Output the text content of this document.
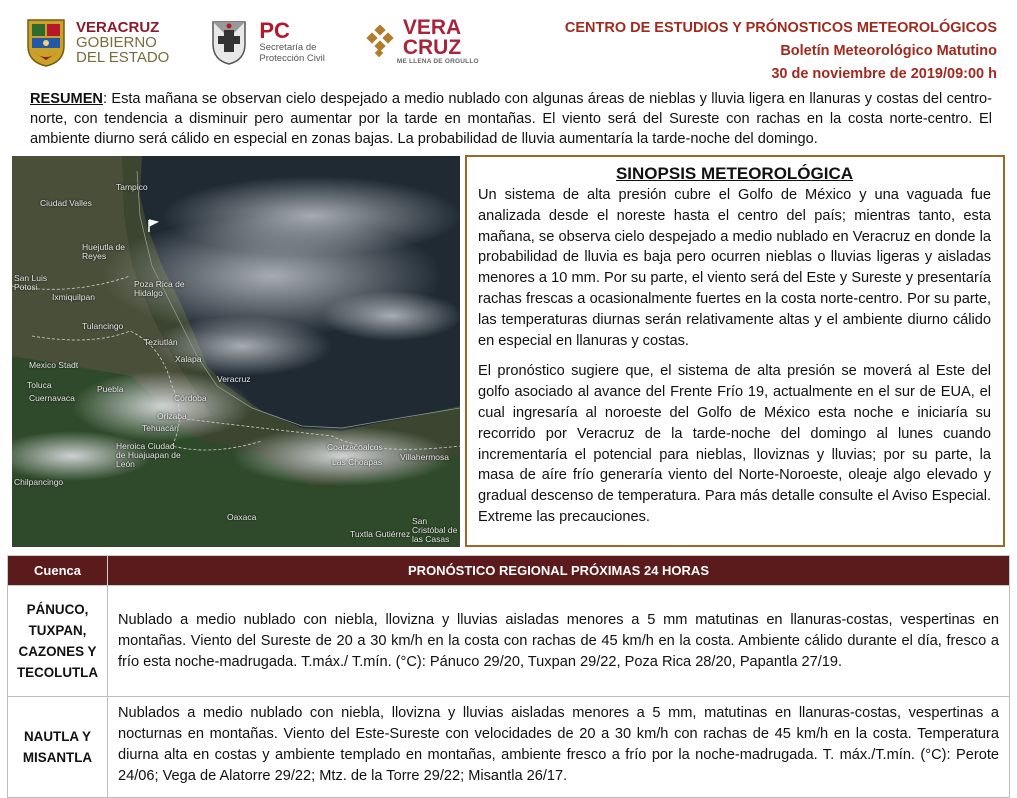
VERACRUZ
GOBIERNO
DEL ESTADO
PC
Secretaría de
Protección Civil
VERA
CRUZ
ME LLENA DE ORGULLO
CENTRO DE ESTUDIOS Y PRÓNOSTICOS METEOROLÓGICOS
Boletín Meteorológico Matutino
30 de noviembre de 2019/09:00 h
RESUMEN: Esta mañana se observan cielo despejado a medio nublado con algunas áreas de nieblas y lluvia ligera en llanuras y costas del centro-norte, con tendencia a disminuir pero aumentar por la tarde en montañas. El viento será del Sureste con rachas en la costa norte-centro. El ambiente diurno será cálido en especial en zonas bajas. La probabilidad de lluvia aumentaría la tarde-noche del domingo.
Tampico
Ciudad Valles
Huejutla de Reyes
Poza Rica de Hidalgo
San Luis Potosi
Ixmiquilpan
Tulancingo
Teziutlán
Xalapa
Mexico Stadt
Toluca
Cuernavaca
Puebla
Veracruz
Córdoba
Orizaba
Tehuacán
Heroica Ciudad de Huajuapan de León
Coatzacoalcos
Las Choapas Villahermosa
Oaxaca
Chilpancingo
San Cristóbal de las Casas
Tuxtla Gutiérrez
SINOPSIS METEOROLÓGICA

Un sistema de alta presión cubre el Golfo de México y una vaguada fue analizada desde el noreste hasta el centro del país; mientras tanto, esta mañana, se observa cielo despejado a medio nublado en Veracruz en donde la probabilidad de lluvia es baja pero ocurren nieblas o lluvias ligeras y aisladas menores a 10 mm. Por su parte, el viento será del Este y Sureste y presentaría rachas frescas a ocasionalmente fuertes en la costa norte-centro. Por su parte, las temperaturas diurnas serán relativamente altas y el ambiente diurno cálido en especial en llanuras y costas.

El pronóstico sugiere que, el sistema de alta presión se moverá al Este del golfo asociado al avance del Frente Frío 19, actualmente en el sur de EUA, el cual ingresaría al noroeste del Golfo de México esta noche e iniciaría su recorrido por Veracruz de la tarde-noche del domingo al lunes cuando incrementaría el potencial para nieblas, lloviznas y lluvias; por su parte, la masa de aíre frío generaría viento del Norte-Noroeste, oleaje algo elevado y gradual descenso de temperatura. Para más detalle consulte el Aviso Especial. Extreme las precauciones.

Cuenca	PRONÓSTICO REGIONAL PRÓXIMAS 24 HORAS
PÁNUCO, TUXPAN, CAZONES Y TECOLUTLA	Nublado a medio nublado con niebla, llovizna y lluvias aisladas menores a 5 mm matutinas en llanuras-costas, vespertinas en montañas. Viento del Sureste de 20 a 30 km/h en la costa con rachas de 45 km/h en la costa. Ambiente cálido durante el día, fresco a frío esta noche-madrugada. T.máx./ T.mín. (°C): Pánuco 29/20, Tuxpan 29/22, Poza Rica 28/20, Papantla 27/19.
NAUTLA Y MISANTLA	Nublados a medio nublado con niebla, llovizna y lluvias aisladas menores a 5 mm, matutinas en llanuras-costas, vespertinas a nocturnas en montañas. Viento del Este-Sureste con velocidades de 20 a 30 km/h con rachas de 45 km/h en la costa. Temperatura diurna alta en costas y ambiente templado en montañas, ambiente fresco a frío por la noche-madrugada. T. máx./T.mín. (°C): Perote 24/06; Vega de Alatorre 29/22; Mtz. de la Torre 29/22; Misantla 26/17.
